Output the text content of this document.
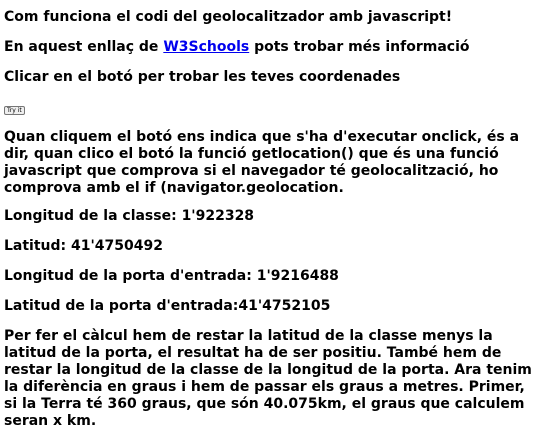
Com funciona el codi del geolocalitzador amb javascript!
En aquest enllaç de W3Schools pots trobar més informació
Clicar en el botó per trobar les teves coordenades
Try it
Quan cliquem el botó ens indica que s'ha d'executar onclick, és a dir, quan clico el botó la funció getlocation() que és una funció javascript que comprova si el navegador té geolocalització, ho comprova amb el if (navigator.geolocation.
Longitud de la classe: 1'922328
Latitud: 41'4750492
Longitud de la porta d'entrada: 1'9216488
Latitud de la porta d'entrada:41'4752105
Per fer el càlcul hem de restar la latitud de la classe menys la latitud de la porta, el resultat ha de ser positiu. També hem de restar la longitud de la classe de la longitud de la porta. Ara tenim la diferència en graus i hem de passar els graus a metres. Primer, si la Terra té 360 graus, que són 40.075km, el graus que calculem seran x km.
